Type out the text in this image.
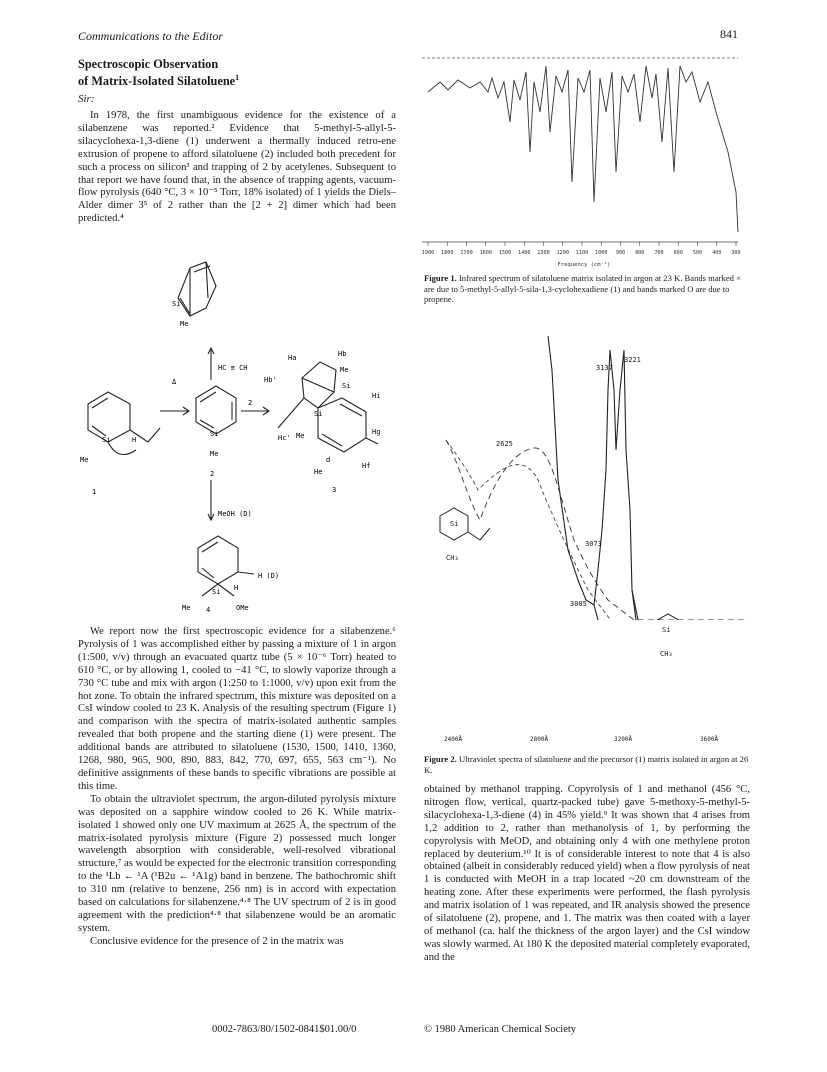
Communications to the Editor	841
Spectroscopic Observation
of Matrix-Isolated Silatoluene$^1$
Sir:

In 1978, the first unambiguous evidence for the existence of a silabenzene was reported.² Evidence that 5-methyl-5-allyl-5-silacyclohexa-1,3-diene (1) underwent a thermally induced retro-ene extrusion of propene to afford silatoluene (2) included both precedent for such a process on silicon³ and trapping of 2 by acetylenes. Subsequent to that report we have found that, in the absence of trapping agents, vacuum-flow pyrolysis (640 °C, 3 × 10⁻⁵ Torr, 18% isolated) of 1 yields the Diels–Alder dimer 3⁵ of 2 rather than the [2 + 2] dimer which had been predicted.⁴

Si
Me
HC ≡ CH
Δ
2
Si
Me
H
1
Si
Me
2
Ha	Hb
Hb'
Me
Si
Hi
Si
Hc' Me	Hg
d
He
Hf
3
MeOH (D)
H (D)
Si H
Me 4	OMe

We report now the first spectroscopic evidence for a silabenzene.⁶ Pyrolysis of 1 was accomplished either by passing a mixture of 1 in argon (1:500, v/v) through an evacuated quartz tube (5 × 10⁻⁶ Torr) heated to 610 °C, or by allowing 1, cooled to −41 °C, to slowly vaporize through a 730 °C tube and mix with argon (1:250 to 1:1000, v/v) upon exit from the hot zone. To obtain the infrared spectrum, this mixture was deposited on a CsI window cooled to 23 K. Analysis of the resulting spectrum (Figure 1) and comparison with the spectra of matrix-isolated authentic samples revealed that both propene and the starting diene (1) were present. The additional bands are attributed to silatoluene (1530, 1500, 1410, 1360, 1268, 980, 965, 900, 890, 883, 842, 770, 697, 655, 563 cm⁻¹). No definitive assignments of these bands to specific vibrations are possible at this time.

To obtain the ultraviolet spectrum, the argon-diluted pyrolysis mixture was deposited on a sapphire window cooled to 26 K. While matrix-isolated 1 showed only one UV maximum at 2625 Å, the spectrum of the matrix-isolated pyrolysis mixture (Figure 2) possessed much longer wavelength absorption with considerable, well-resolved vibrational structure,⁷ as would be expected for the electronic transition corresponding to the ¹Lb ← ¹A (¹B2u ← ¹A1g) band in benzene. The bathochromic shift to 310 nm (relative to benzene, 256 nm) is in accord with expectation based on calculations for silabenzene.⁴·⁸ The UV spectrum of 2 is in good agreement with the prediction⁴·⁸ that silabenzene would be an aromatic system.

Conclusive evidence for the presence of 2 in the matrix was

1900 1800 1700 1600 1500 1400 1300 1200 1100 1000 900 800 700 600 500 400 300
Frequency (cm⁻¹)
Figure 1. Infrared spectrum of silatoluene matrix isolated in argon at 23 K. Bands marked × are due to 5-methyl-5-allyl-5-sila-1,3-cyclohexadiene (1) and bands marked O are due to propene.
3221
3137
2625
3073
3005
Si
CH₃
Si
CH₃
2400Å	2800Å	3200Å	3600Å
Figure 2. Ultraviolet spectra of silatoluene and the precursor (1) matrix isolated in argon at 26 K.

obtained by methanol trapping. Copyrolysis of 1 and methanol (456 °C, nitrogen flow, vertical, quartz-packed tube) gave 5-methoxy-5-methyl-5-silacyclohexa-1,3-diene (4) in 45% yield.⁹ It was shown that 4 arises from 1,2 addition to 2, rather than methanolysis of 1, by performing the copyrolysis with MeOD, and obtaining only 4 with one methylene proton replaced by deuterium.¹⁰ It is of considerable interest to note that 4 is also obtained (albeit in considerably reduced yield) when a flow pyrolysis of neat 1 is conducted with MeOH in a trap located ~20 cm downstream of the heating zone. After these experiments were performed, the flash pyrolysis and matrix isolation of 1 was repeated, and IR analysis showed the presence of silatoluene (2), propene, and 1. The matrix was then coated with a layer of methanol (ca. half the thickness of the argon layer) and the CsI window was slowly warmed. At 180 K the deposited material completely evaporated, and the

0002-7863/80/1502-0841$01.00/0	© 1980 American Chemical Society
